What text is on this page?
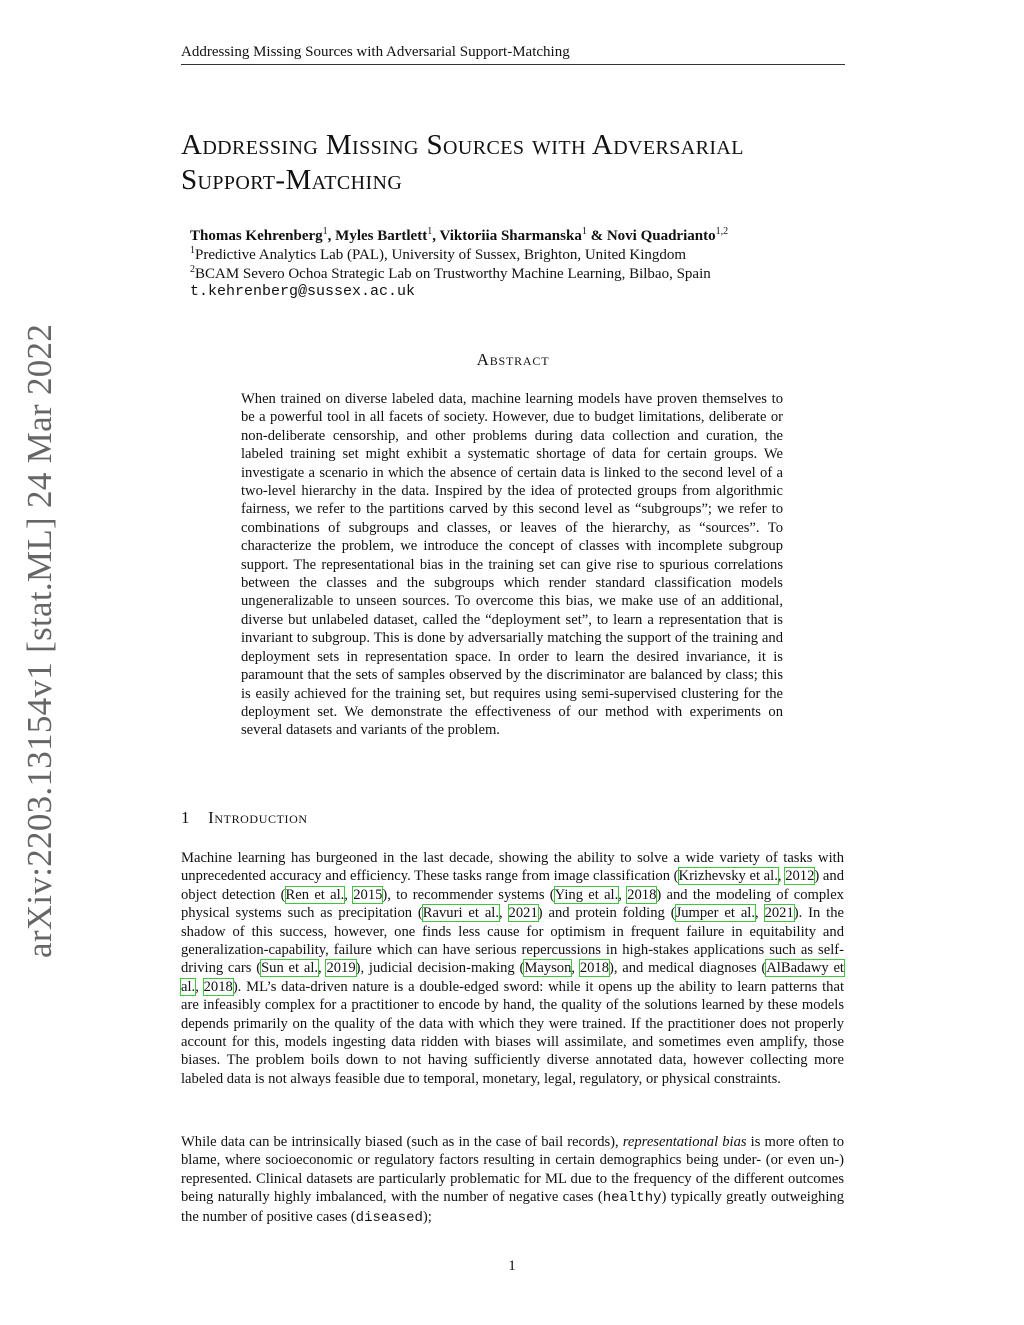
Addressing Missing Sources with Adversarial Support-Matching
Addressing Missing Sources with Adversarial
Support-Matching
Thomas Kehrenberg$^1$, Myles Bartlett$^1$, Viktoriia Sharmanska$^1$ & Novi Quadrianto$^{1,2}$
$^1$Predictive Analytics Lab (PAL), University of Sussex, Brighton, United Kingdom
$^2$BCAM Severo Ochoa Strategic Lab on Trustworthy Machine Learning, Bilbao, Spain
t.kehrenberg@sussex.ac.uk
arXiv:2203.13154v1 [stat.ML] 24 Mar 2022	Abstract

When trained on diverse labeled data, machine learning models have proven themselves to be a powerful tool in all facets of society. However, due to budget limitations, deliberate or non-deliberate censorship, and other problems during data collection and curation, the labeled training set might exhibit a systematic shortage of data for certain groups. We investigate a scenario in which the absence of certain data is linked to the second level of a two-level hierarchy in the data. Inspired by the idea of protected groups from algorithmic fairness, we refer to the partitions carved by this second level as “subgroups”; we refer to combinations of subgroups and classes, or leaves of the hierarchy, as “sources”. To characterize the problem, we introduce the concept of classes with incomplete subgroup support. The representational bias in the training set can give rise to spurious correlations between the classes and the subgroups which render standard classification models ungeneralizable to unseen sources. To overcome this bias, we make use of an additional, diverse but unlabeled dataset, called the “deployment set”, to learn a representation that is invariant to subgroup. This is done by adversarially matching the support of the training and deployment sets in representation space. In order to learn the desired invariance, it is paramount that the sets of samples observed by the discriminator are balanced by class; this is easily achieved for the training set, but requires using semi-supervised clustering for the deployment set. We demonstrate the effectiveness of our method with experiments on several datasets and variants of the problem.

1 Introduction

Machine learning has burgeoned in the last decade, showing the ability to solve a wide variety of tasks with unprecedented accuracy and efficiency. These tasks range from image classification (Krizhevsky et al., 2012) and object detection (Ren et al., 2015), to recommender systems (Ying et al., 2018) and the modeling of complex physical systems such as precipitation (Ravuri et al., 2021) and protein folding (Jumper et al., 2021). In the shadow of this success, however, one finds less cause for optimism in frequent failure in equitability and generalization-capability, failure which can have serious repercussions in high-stakes applications such as self-driving cars (Sun et al., 2019), judicial decision-making (Mayson, 2018), and medical diagnoses (AlBadawy et al., 2018). ML’s data-driven nature is a double-edged sword: while it opens up the ability to learn patterns that are infeasibly complex for a practitioner to encode by hand, the quality of the solutions learned by these models depends primarily on the quality of the data with which they were trained. If the practitioner does not properly account for this, models ingesting data ridden with biases will assimilate, and sometimes even amplify, those biases. The problem boils down to not having sufficiently diverse annotated data, however collecting more labeled data is not always feasible due to temporal, monetary, legal, regulatory, or physical constraints.

While data can be intrinsically biased (such as in the case of bail records), representational bias is more often to blame, where socioeconomic or regulatory factors resulting in certain demographics being under- (or even un-) represented. Clinical datasets are particularly problematic for ML due to the frequency of the different outcomes being naturally highly imbalanced, with the number of negative cases (healthy) typically greatly outweighing the number of positive cases (diseased);

1
